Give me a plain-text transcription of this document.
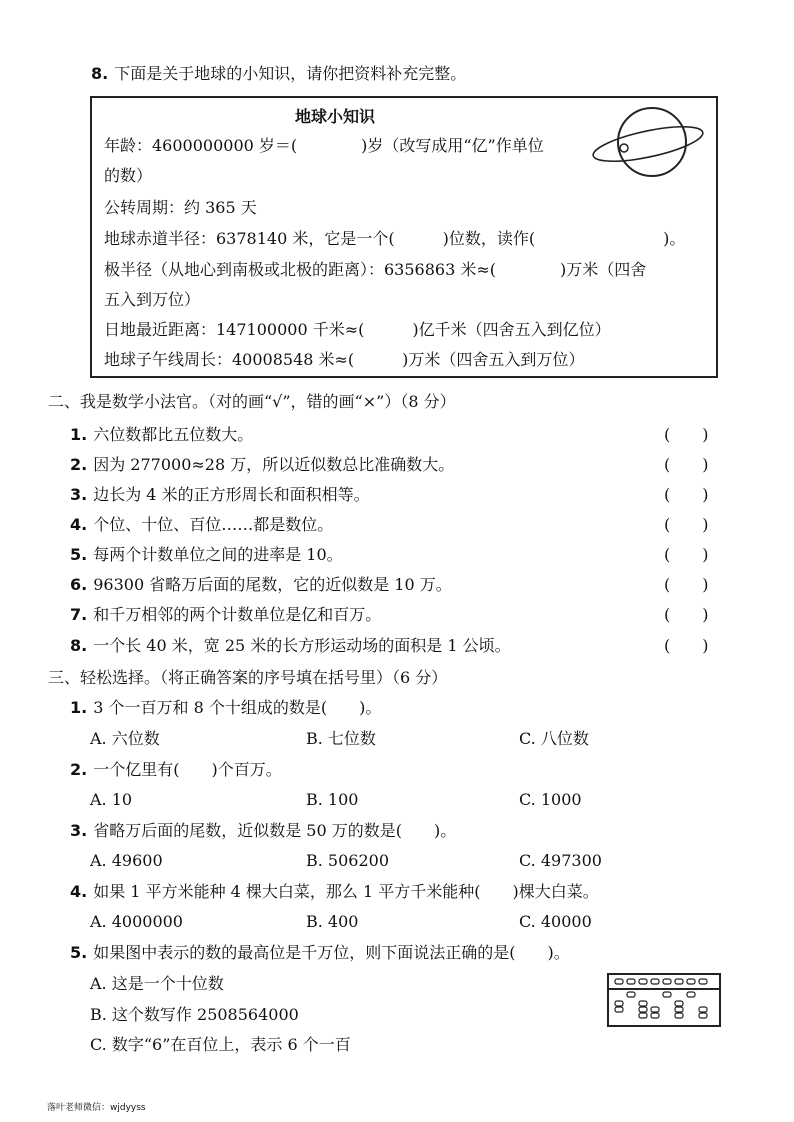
8. 下面是关于地球的小知识，请你把资料补充完整。
地球小知识
年龄：4600000000 岁＝(　　　　)岁（改写成用“亿”作单位
的数）
公转周期：约 365 天
地球赤道半径：6378140 米，它是一个(　　　)位数，读作(　　　　　　　　)。
极半径（从地心到南极或北极的距离）：6356863 米≈(　　　　)万米（四舍
五入到万位）
日地最近距离：147100000 千米≈(　　　)亿千米（四舍五入到亿位）
地球子午线周长：40008548 米≈(　　　)万米（四舍五入到万位）
二、我是数学小法官。（对的画“√”，错的画“×”）（8 分）
1. 六位数都比五位数大。	(　　)
2. 因为 277000≈28 万，所以近似数总比准确数大。	(　　)
3. 边长为 4 米的正方形周长和面积相等。	(　　)
4. 个位、十位、百位……都是数位。	(　　)
5. 每两个计数单位之间的进率是 10。	(　　)
6. 96300 省略万后面的尾数，它的近似数是 10 万。	(　　)
7. 和千万相邻的两个计数单位是亿和百万。	(　　)
8. 一个长 40 米，宽 25 米的长方形运动场的面积是 1 公顷。	(　　)
三、轻松选择。（将正确答案的序号填在括号里）（6 分）
1. 3 个一百万和 8 个十组成的数是(　　)。
A. 六位数	B. 七位数	C. 八位数
2. 一个亿里有(　　)个百万。
A. 10	B. 100	C. 1000
3. 省略万后面的尾数，近似数是 50 万的数是(　　)。
A. 49600	B. 506200	C. 497300
4. 如果 1 平方米能种 4 棵大白菜，那么 1 平方千米能种(　　)棵大白菜。
A. 4000000	B. 400	C. 40000
5. 如果图中表示的数的最高位是千万位，则下面说法正确的是(　　)。
A. 这是一个十位数
B. 这个数写作 2508564000
C. 数字“6”在百位上，表示 6 个一百
落叶老师微信：wjdyyss
